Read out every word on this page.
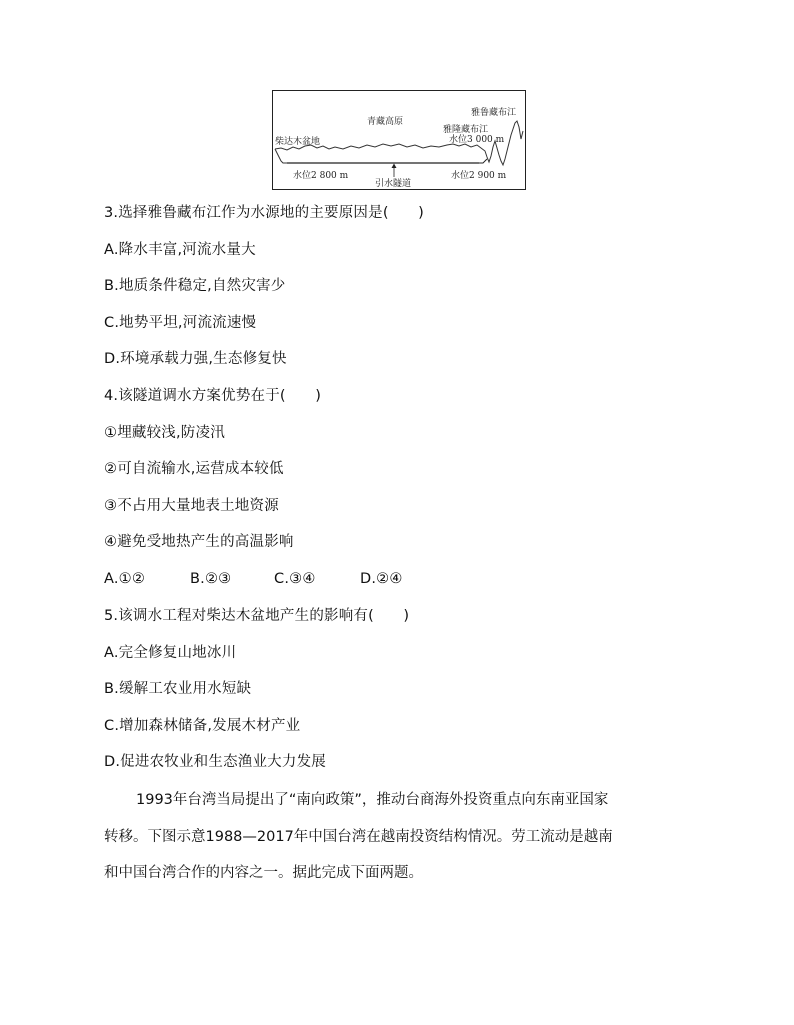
柴达木盆地
青藏高原
雅鲁藏布江
雅隆藏布江
水位3 000 m
水位2 800 m
引水隧道
水位2 900 m
3.选择雅鲁藏布江作为水源地的主要原因是(　　)
A.降水丰富,河流水量大
B.地质条件稳定,自然灾害少
C.地势平坦,河流流速慢
D.环境承载力强,生态修复快
4.该隧道调水方案优势在于(　　)
①埋藏较浅,防凌汛
②可自流输水,运营成本较低
③不占用大量地表土地资源
④避免受地热产生的高温影响
A.①②	B.②③	C.③④	D.②④
5.该调水工程对柴达木盆地产生的影响有(　　)
A.完全修复山地冰川
B.缓解工农业用水短缺
C.增加森林储备,发展木材产业
D.促进农牧业和生态渔业大力发展
1993年台湾当局提出了“南向政策”，推动台商海外投资重点向东南亚国家
转移。下图示意1988—2017年中国台湾在越南投资结构情况。劳工流动是越南
和中国台湾合作的内容之一。据此完成下面两题。
